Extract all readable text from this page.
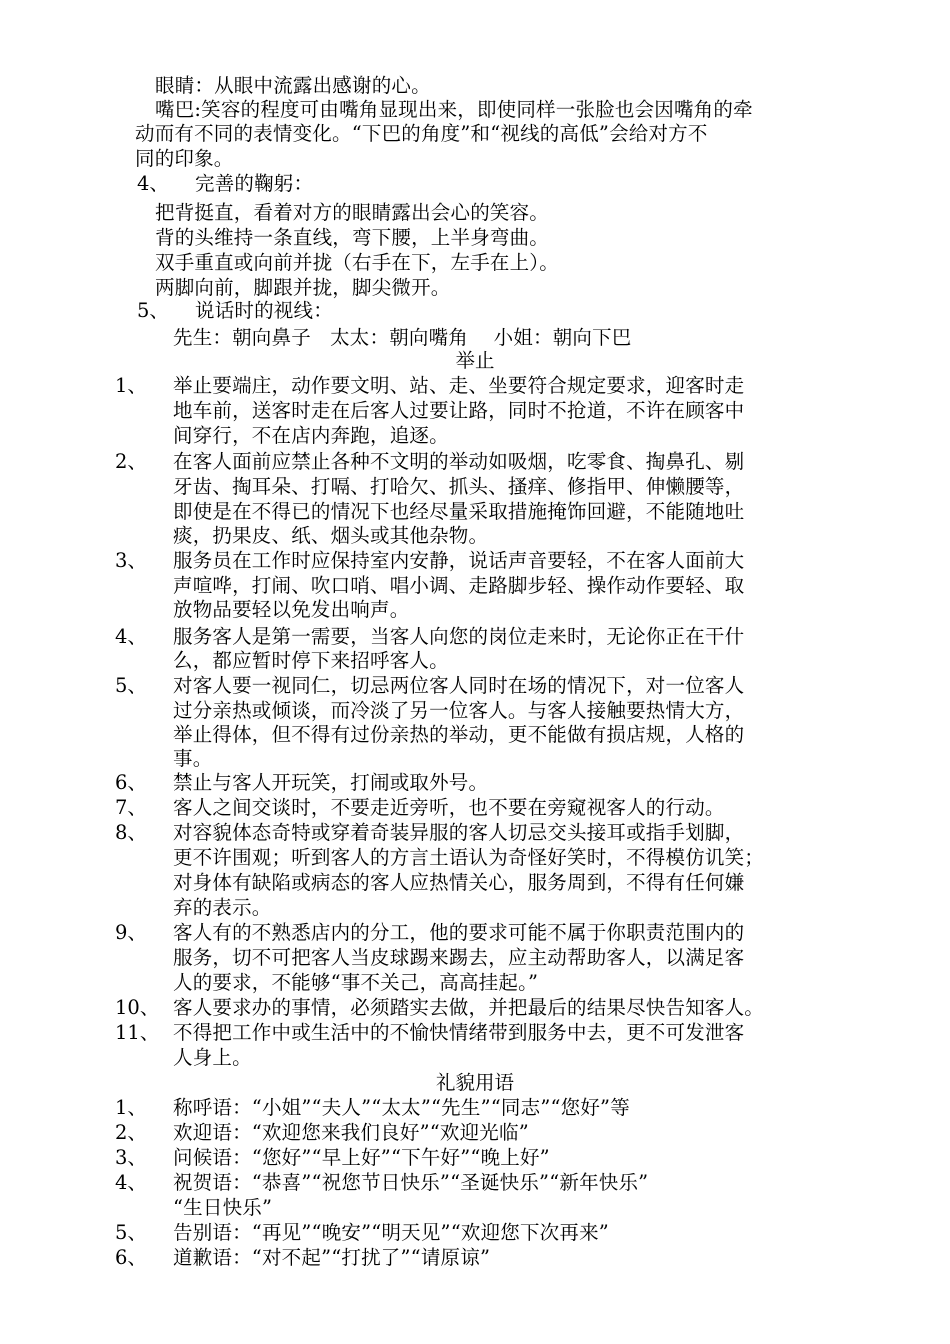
眼睛：从眼中流露出感谢的心。
嘴巴:笑容的程度可由嘴角显现出来，即使同样一张脸也会因嘴角的牵
动而有不同的表情变化。“下巴的角度”和“视线的高低”会给对方不
同的印象。
4、 完善的鞠躬：
把背挺直，看着对方的眼睛露出会心的笑容。
背的头维持一条直线，弯下腰，上半身弯曲。
双手重直或向前并拢（右手在下，左手在上）。
两脚向前，脚跟并拢，脚尖微开。
5、 说话时的视线：
先生：朝向鼻子   太太：朝向嘴角    小姐：朝向下巴
举止
1、 举止要端庄，动作要文明、站、走、坐要符合规定要求，迎客时走
地车前，送客时走在后客人过要让路，同时不抢道，不许在顾客中
间穿行，不在店内奔跑，追逐。
2、 在客人面前应禁止各种不文明的举动如吸烟，吃零食、掏鼻孔、剔
牙齿、掏耳朵、打嗝、打哈欠、抓头、搔痒、修指甲、伸懒腰等，
即使是在不得已的情况下也经尽量采取措施掩饰回避，不能随地吐
痰，扔果皮、纸、烟头或其他杂物。
3、 服务员在工作时应保持室内安静，说话声音要轻，不在客人面前大
声喧哗，打闹、吹口哨、唱小调、走路脚步轻、操作动作要轻、取
放物品要轻以免发出响声。
4、 服务客人是第一需要，当客人向您的岗位走来时，无论你正在干什
么，都应暂时停下来招呼客人。
5、 对客人要一视同仁，切忌两位客人同时在场的情况下，对一位客人
过分亲热或倾谈，而冷淡了另一位客人。与客人接触要热情大方，
举止得体，但不得有过份亲热的举动，更不能做有损店规，人格的
事。
6、 禁止与客人开玩笑，打闹或取外号。
7、 客人之间交谈时，不要走近旁听，也不要在旁窥视客人的行动。
8、 对容貌体态奇特或穿着奇装异服的客人切忌交头接耳或指手划脚，
更不许围观；听到客人的方言土语认为奇怪好笑时，不得模仿讥笑；
对身体有缺陷或病态的客人应热情关心，服务周到，不得有任何嫌
弃的表示。
9、 客人有的不熟悉店内的分工，他的要求可能不属于你职责范围内的
服务，切不可把客人当皮球踢来踢去，应主动帮助客人，以满足客
人的要求，不能够“事不关己，高高挂起。”
10、 客人要求办的事情，必须踏实去做，并把最后的结果尽快告知客人。
11、 不得把工作中或生活中的不愉快情绪带到服务中去，更不可发泄客
人身上。
礼貌用语
1、 称呼语：“小姐”“夫人”“太太”“先生”“同志”“您好”等
2、 欢迎语：“欢迎您来我们良好”“欢迎光临”
3、 问候语：“您好”“早上好”“下午好”“晚上好”
4、 祝贺语：“恭喜”“祝您节日快乐”“圣诞快乐”“新年快乐”
“生日快乐”
5、 告别语：“再见”“晚安”“明天见”“欢迎您下次再来”
6、 道歉语：“对不起”“打扰了”“请原谅”
